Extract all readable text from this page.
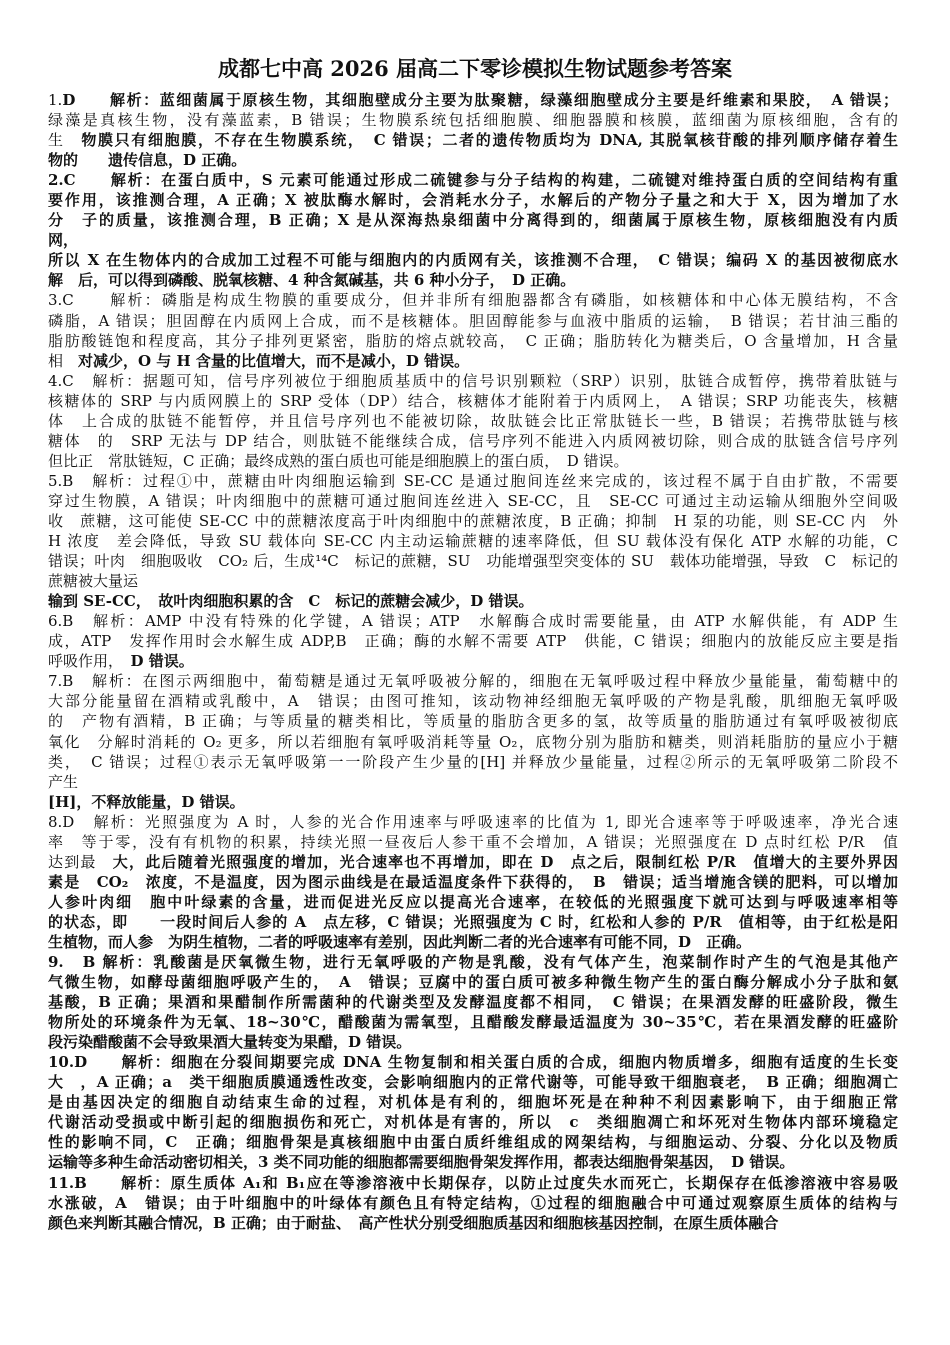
成都七中高 2026 届高二下零诊模拟生物试题参考答案
1.D　　解析：蓝细菌属于原核生物，其细胞壁成分主要为肽聚糖，绿藻细胞壁成分主要是纤维素和果胶，　A 错误；
绿藻是真核生物，没有藻蓝素，B 错误；生物膜系统包括细胞膜、细胞器膜和核膜，蓝细菌为原核细胞，含有的
生　物膜只有细胞膜，不存在生物膜系统，　C 错误；二者的遗传物质均为 DNA, 其脱氧核苷酸的排列顺序储存着生
物的　　遗传信息，D 正确。
2.C　　解析：在蛋白质中，S 元素可能通过形成二硫键参与分子结构的构建，二硫键对维持蛋白质的空间结构有重
要作用，该推测合理，A 正确；X 被肽酶水解时，会消耗水分子，水解后的产物分子量之和大于 X，因为增加了水
分　子的质量，该推测合理，B 正确；X 是从深海热泉细菌中分离得到的，细菌属于原核生物，原核细胞没有内质
网，
所以 X 在生物体内的合成加工过程不可能与细胞内的内质网有关，该推测不合理，　C 错误；编码 X 的基因被彻底水
解　后，可以得到磷酸、脱氧核糖、4 种含氮碱基，共 6 种小分子，　D 正确。
3.C　　解析：磷脂是构成生物膜的重要成分，但并非所有细胞器都含有磷脂，如核糖体和中心体无膜结构，不含
磷脂，A 错误；胆固醇在内质网上合成，而不是核糖体。胆固醇能参与血液中脂质的运输，　B 错误；若甘油三酯的
脂肪酸链饱和程度高，其分子排列更紧密，脂肪的熔点就较高，　C 正确；脂肪转化为糖类后，O 含量增加，H 含量
相　对减少，O 与 H 含量的比值增大，而不是减小，D 错误。
4.C　解析：据题可知，信号序列被位于细胞质基质中的信号识别颗粒（SRP）识别，肽链合成暂停，携带着肽链与
核糖体的 SRP 与内质网膜上的 SRP 受体（DP）结合，核糖体才能附着于内质网上，　A 错误；SRP 功能丧失，核糖
体　上合成的肽链不能暂停，并且信号序列也不能被切除，故肽链会比正常肽链长一些，B 错误；若携带肽链与核
糖体　的　SRP 无法与 DP 结合，则肽链不能继续合成，信号序列不能进入内质网被切除，则合成的肽链含信号序列
但比正　常肽链短，C 正确；最终成熟的蛋白质也可能是细胞膜上的蛋白质，　D 错误。
5.B　解析：过程①中，蔗糖由叶肉细胞运输到 SE-CC 是通过胞间连丝来完成的，该过程不属于自由扩散，不需要
穿过生物膜，A 错误；叶肉细胞中的蔗糖可通过胞间连丝进入 SE-CC，且　SE-CC 可通过主动运输从细胞外空间吸
收　蔗糖，这可能使 SE-CC 中的蔗糖浓度高于叶肉细胞中的蔗糖浓度，B 正确；抑制　H 泵的功能，则 SE-CC 内　外
H 浓度　差会降低，导致 SU 载体向 SE-CC 内主动运输蔗糖的速率降低，但 SU 载体没有保化 ATP 水解的功能，C
错误；叶肉　细胞吸收　CO₂ 后，生成¹⁴C　标记的蔗糖，SU　功能增强型突变体的 SU　载体功能增强，导致　C　标记的
蔗糖被大量运
输到 SE-CC，　故叶肉细胞积累的含　C　标记的蔗糖会减少，D 错误。
6.B　解析：AMP 中没有特殊的化学键，A 错误；ATP　水解酶合成时需要能量，由 ATP 水解供能，有 ADP 生
成，ATP　发挥作用时会水解生成 ADP,B　正确；酶的水解不需要 ATP　供能，C 错误；细胞内的放能反应主要是指
呼吸作用，　D 错误。
7.B　解析：在图示两细胞中，葡萄糖是通过无氧呼吸被分解的，细胞在无氧呼吸过程中释放少量能量，葡萄糖中的
大部分能量留在酒精或乳酸中，A　错误；由图可推知，该动物神经细胞无氧呼吸的产物是乳酸，肌细胞无氧呼吸
的　产物有酒精，B 正确；与等质量的糖类相比，等质量的脂肪含更多的氢，故等质量的脂肪通过有氧呼吸被彻底
氧化　分解时消耗的 O₂ 更多，所以若细胞有氧呼吸消耗等量 O₂，底物分别为脂肪和糖类，则消耗脂肪的量应小于糖
类，　C 错误；过程①表示无氧呼吸第一一阶段产生少量的[H] 并释放少量能量，过程②所示的无氧呼吸第二阶段不
产生
[H]，不释放能量，D 错误。
8.D　解析：光照强度为 A 时，人参的光合作用速率与呼吸速率的比值为 1, 即光合速率等于呼吸速率，净光合速
率　等于零，没有有机物的积累，持续光照一昼夜后人参干重不会增加，A 错误；光照强度在 D 点时红松 P/R　值
达到最　大，此后随着光照强度的增加，光合速率也不再增加，即在 D　点之后，限制红松 P/R　值增大的主要外界因
素是　CO₂　浓度，不是温度，因为图示曲线是在最适温度条件下获得的，　B　错误；适当增施含镁的肥料，可以增加
人参叶肉细　胞中叶绿素的含量，进而促进光反应以提高光合速率，在较低的光照强度下就可达到与呼吸速率相等
的状态，即　　一段时间后人参的 A　点左移，C 错误；光照强度为 C 时，红松和人参的 P/R　值相等，由于红松是阳
生植物，而人参　为阴生植物，二者的呼吸速率有差别，因此判断二者的光合速率有可能不同，D　正确。
9.　B 解析：乳酸菌是厌氧微生物，进行无氧呼吸的产物是乳酸，没有气体产生，泡菜制作时产生的气泡是其他产
气微生物，如酵母菌细胞呼吸产生的，　A　错误；豆腐中的蛋白质可被多种微生物产生的蛋白酶分解成小分子肽和氨
基酸，B 正确；果酒和果醋制作所需菌种的代谢类型及发酵温度都不相同，　C 错误；在果酒发酵的旺盛阶段，微生
物所处的环境条件为无氧、18~30℃，醋酸菌为需氧型，且醋酸发酵最适温度为 30~35℃，若在果酒发酵的旺盛阶
段污染醋酸菌不会导致果酒大量转变为果醋，D 错误。
10.D　　解析：细胞在分裂间期要完成 DNA 生物复制和相关蛋白质的合成，细胞内物质增多，细胞有适度的生长变
大　，A 正确；a　类干细胞质膜通透性改变，会影响细胞内的正常代谢等，可能导致干细胞衰老，　B 正确；细胞凋亡
是由基因决定的细胞自动结束生命的过程，对机体是有利的，细胞坏死是在种种不利因素影响下，由于细胞正常
代谢活动受损或中断引起的细胞损伤和死亡，对机体是有害的，所以　c　类细胞凋亡和坏死对生物体内部环境稳定
性的影响不同，C　正确；细胞骨架是真核细胞中由蛋白质纤维组成的网架结构，与细胞运动、分裂、分化以及物质
运输等多种生命活动密切相关，3 类不同功能的细胞都需要细胞骨架发挥作用，都表达细胞骨架基因，　D 错误。
11.B　　解析：原生质体 A₁和 B₁应在等渗溶液中长期保存，以防止过度失水而死亡，长期保存在低渗溶液中容易吸
水涨破，A　错误；由于叶细胞中的叶绿体有颜色且有特定结构，①过程的细胞融合中可通过观察原生质体的结构与
颜色来判断其融合情况，B 正确；由于耐盐、　高产性状分别受细胞质基因和细胞核基因控制，在原生质体融合
